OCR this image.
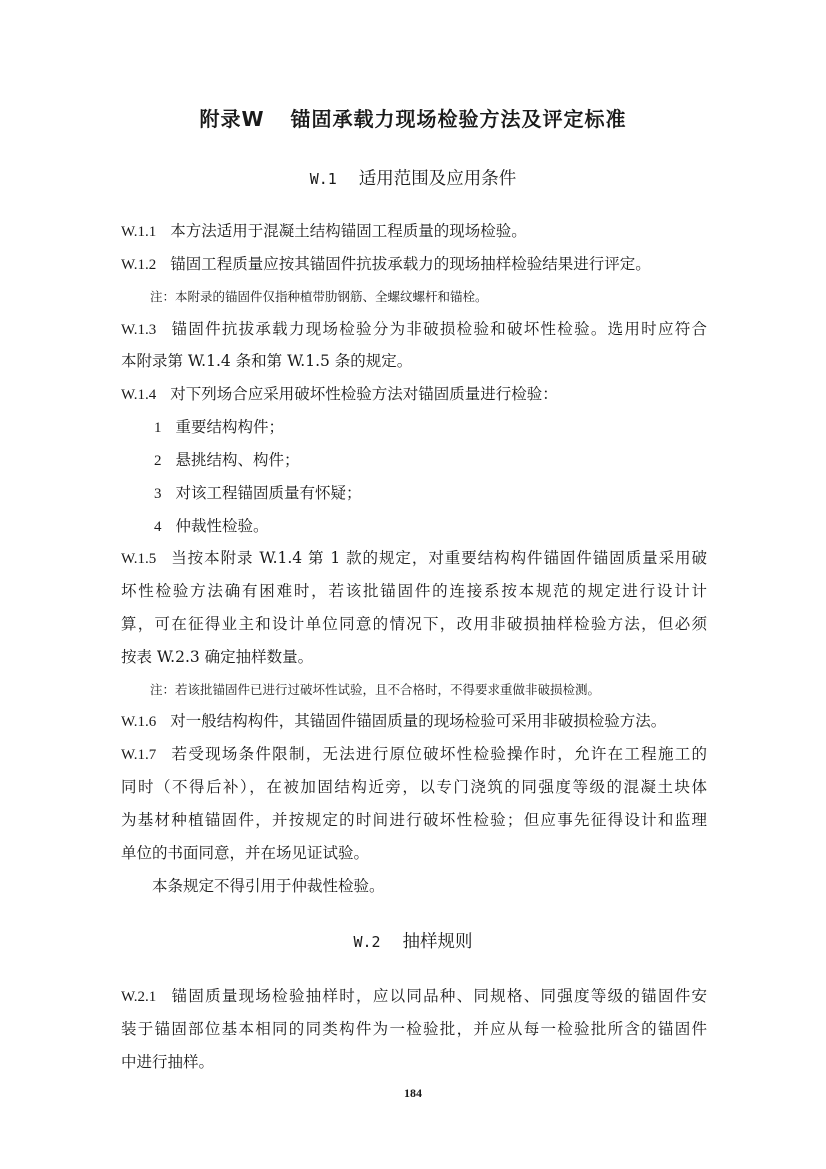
附录W 锚固承载力现场检验方法及评定标准
W.1 适用范围及应用条件
W.1.1 本方法适用于混凝土结构锚固工程质量的现场检验。
W.1.2 锚固工程质量应按其锚固件抗拔承载力的现场抽样检验结果进行评定。
注：本附录的锚固件仅指种植带肋钢筋、全螺纹螺杆和锚栓。
W.1.3 锚固件抗拔承载力现场检验分为非破损检验和破坏性检验。选用时应符合
本附录第 W.1.4 条和第 W.1.5 条的规定。
W.1.4 对下列场合应采用破坏性检验方法对锚固质量进行检验：
1 重要结构构件；
2 悬挑结构、构件；
3 对该工程锚固质量有怀疑；
4 仲裁性检验。
W.1.5 当按本附录 W.1.4 第 1 款的规定，对重要结构构件锚固件锚固质量采用破
坏性检验方法确有困难时，若该批锚固件的连接系按本规范的规定进行设计计
算，可在征得业主和设计单位同意的情况下，改用非破损抽样检验方法，但必须
按表 W.2.3 确定抽样数量。
注：若该批锚固件已进行过破坏性试验，且不合格时，不得要求重做非破损检测。
W.1.6 对一般结构构件，其锚固件锚固质量的现场检验可采用非破损检验方法。
W.1.7 若受现场条件限制，无法进行原位破坏性检验操作时，允许在工程施工的
同时（不得后补），在被加固结构近旁，以专门浇筑的同强度等级的混凝土块体
为基材种植锚固件，并按规定的时间进行破坏性检验；但应事先征得设计和监理
单位的书面同意，并在场见证试验。
本条规定不得引用于仲裁性检验。
W.2 抽样规则
W.2.1 锚固质量现场检验抽样时，应以同品种、同规格、同强度等级的锚固件安
装于锚固部位基本相同的同类构件为一检验批，并应从每一检验批所含的锚固件
中进行抽样。
184
